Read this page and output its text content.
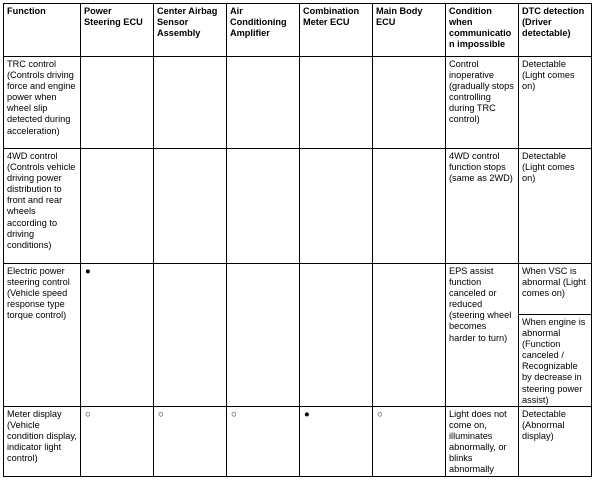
Function	Power Steering ECU	Center Airbag Sensor Assembly	Air Conditioning Amplifier	Combination Meter ECU	Main Body ECU	Condition when communication impossible	DTC detection (Driver detectable)
TRC control (Controls driving force and engine power when wheel slip detected during acceleration)						Control inoperative (gradually stops controlling during TRC control)	Detectable (Light comes on)
4WD control (Controls vehicle driving power distribution to front and rear wheels according to driving conditions)						4WD control function stops (same as 2WD)	Detectable (Light comes on)
Electric power steering control (Vehicle speed response type torque control)	●					EPS assist function canceled or reduced (steering wheel becomes harder to turn)	When VSC is abnormal (Light comes on)
							When engine is abnormal (Function canceled / Recognizable by decrease in steering power assist)
Meter display (Vehicle condition display, indicator light control)	○	○	○	●	○	Light does not come on, illuminates abnormally, or blinks abnormally	Detectable (Abnormal display)
